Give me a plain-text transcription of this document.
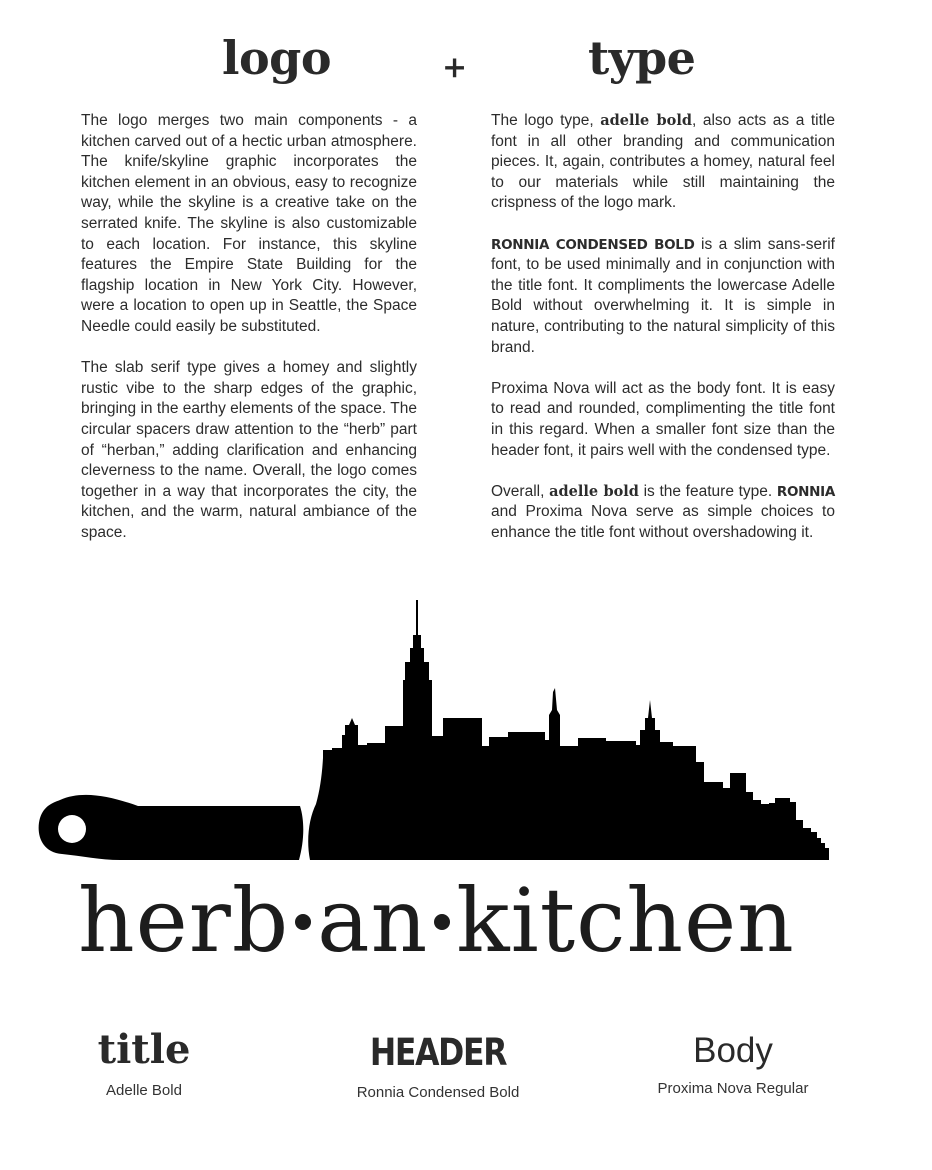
logo	+	type

The logo merges two main components - a kitchen carved out of a hectic urban atmosphere. The knife/skyline graphic incorporates the kitchen element in an obvious, easy to recognize way, while the skyline is a creative take on the serrated knife. The skyline is also customizable to each location. For instance, this skyline features the Empire State Building for the flagship location in New York City. However, were a location to open up in Seattle, the Space Needle could easily be substituted.

The slab serif type gives a homey and slightly rustic vibe to the sharp edges of the graphic, bringing in the earthy elements of the space. The circular spacers draw attention to the “herb” part of “herban,” adding clarification and enhancing cleverness to the name. Overall, the logo comes together in a way that incorporates the city, the kitchen, and the warm, natural ambiance of the space.

The logo type, adelle bold, also acts as a title font in all other branding and communication pieces. It, again, contributes a homey, natural feel to our materials while still maintaining the crispness of the logo mark.

RONNIA CONDENSED BOLD is a slim sans-serif font, to be used minimally and in conjunction with the title font. It compliments the lowercase Adelle Bold without overwhelming it. It is simple in nature, contributing to the natural simplicity of this brand.

Proxima Nova will act as the body font. It is easy to read and rounded, complimenting the title font in this regard. When a smaller font size than the header font, it pairs well with the condensed type.

Overall, adelle bold is the feature type. RONNIA and Proxima Nova serve as simple choices to enhance the title font without overshadowing it.

herb an kitchen
title
Adelle Bold
HEADER
Ronnia Condensed Bold
Body
Proxima Nova Regular
